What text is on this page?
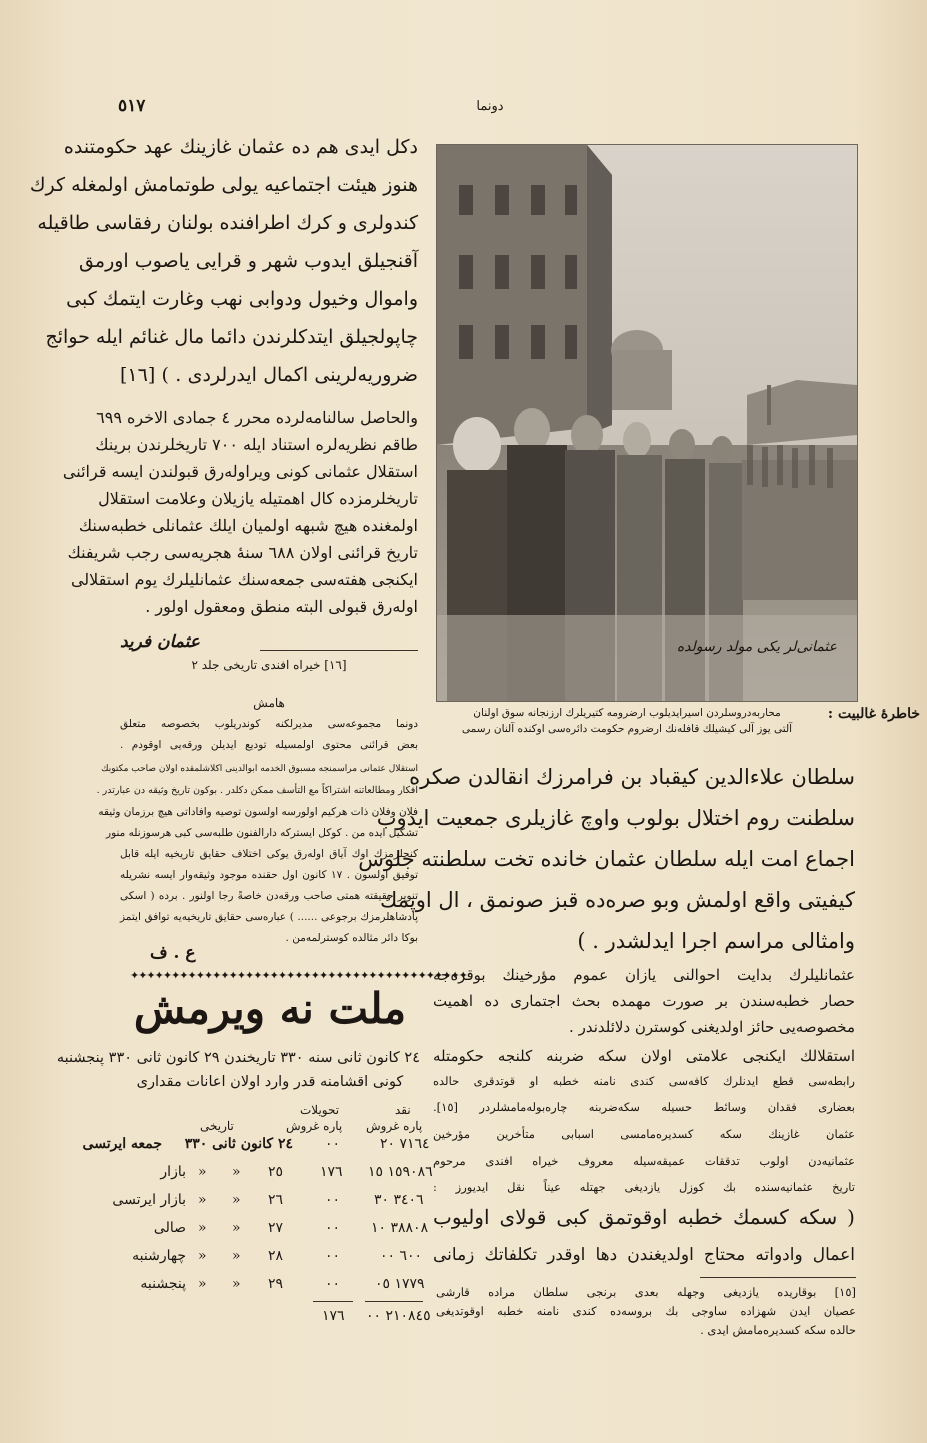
٥١٧	دونما
دکل ایدی هم ده عثمان غازینك عهد حکومتنده
هنوز هیئت اجتماعیه یولی طوتمامش اولمغله کرك
کندولری و کرك اطرافنده بولنان رفقاسی طاقیله
آقنجیلق ایدوب شهر و قرایی یاصوب اورمق
واموال وخیول ودوابی نهب وغارت ایتمك کبی
چاپولجیلق ایتدکلرندن دائما مال غنائم ایله حوائج
ضروریه‌لرینی اکمال ایدرلردی . ) [١٦]
والحاصل سالنامه‌لرده محرر ٤ جمادی الاخره ٦٩٩
طاقم نظریه‌لره استناد ایله ٧٠٠ تاریخلرندن برینك
استقلال عثمانی کونی ویراوله‌رق قبولندن ایسه قرائنی
تاریخلرمزده کال اهمتیله یازیلان وعلامت استقلال
اولمغنده هیچ شبهه اولمیان ایلك عثمانلی خطبه‌سنك
تاریخ قرائنی اولان ٦٨٨ سنهٔ هجریه‌سی رجب شریفنك
ایکنجی هفته‌سی جمعه‌سنك عثمانلیلرك یوم استقلالی
اوله‌رق قبولی البته منطق ومعقول اولور .
عثمان فرید
[١٦] خیراه افندی تاریخی جلد ٢
هامش
دونما مجموعه‌سی مدیرلکنه کوندریلوب بخصوصه متعلق
بعض قرائنی محتوی اولمسیله تودیع ایدیلن ورقه‌یی اوقودم .
استقلال عثمانی مراسمنجه مسبوق الخدمه ابوالدینی اکلاشلمقده اولان صاحب مکتوبك
افکار ومطالعاتنه اشتراکاً مع التأسف ممکن دکلدر . بوکون تاریخ وثیقه دن عبارتدر .
فلان وفلان ذات هرکیم اولورسه اولسون توصیه وافاداتی هیچ برزمان وثیقه
تشکیل ایده من . کوکل ایسترکه دارالفنون طلبه‌سی کبی هرسوزنله منور
کنجلرمزك اوك آیاق اوله‌رق یوکی اختلاف حقایق تاریخیه ایله قابل
توفیق اولسون . ١٧ کانون اول حقنده موجود وثیقه‌وار ایسه نشریله
تنویر حقیقته همتی صاحب ورقه‌دن خاصةً رجا اولنور . برده ( اسکی
پادشاهلرمزك برجوعی ...... ) عباره‌سی حقایق تاریخیه‌یه توافق ایتمز
بوکا دائر مثالده کوسترلمه‌من .
ع . ف
✦✦✦✦✦✦✦✦✦✦✦✦✦✦✦✦✦✦✦✦✦✦✦✦✦✦✦✦✦✦✦✦✦✦✦✦✦✦✦✦✦
ملت نه ویرمش
٢٤ کانون ثانی سنه ٣٣٠ تاریخندن ٢٩ کانون ثانی ٣٣٠ پنجشنبه
کونی اقشامنه قدر وارد اولان اعانات مقداری
نقد
پاره غروش
تحویلات
پاره غروش
تاریخی
٧١٦٤ ٢٠
٠٠
٢٤ کانون ثانی ٣٣٠
جمعه ایرتسی
١٥٩٠٨٦ ١٥
١٧٦
٢٥
»
»
بازار
٣٤٠٦ ٣٠
٠٠
٢٦
»
»
بازار ایرتسی
٣٨٨٠٨ ١٠
٠٠
٢٧
»
»
صالی
٦٠٠ ٠٠
٠٠
٢٨
»
»
چهارشنبه
١٧٧٩ ٠٥
٠٠
٢٩
»
»
پنجشنبه
٢١٠٨٤٥ ٠٠
١٧٦
عثمانی‌لر یکی مولد رسولده
خاطرهٔ غالبیت :
محاربه‌دروسلردن اسیرایدیلوب ارضرومه کتیریلرك ارزنجانه سوق اولنان
آلتی یوز آلی کیشیلك قافله‌نك ارضروم حکومت دائره‌سی اوکنده آلنان رسمی
سلطان علاءالدین کیقباد بن فرامرزك انقالدن صکره
سلطنت روم اختلال بولوب واوچ غازیلری جمعیت ایدوب
اجماع امت ایله سلطان عثمان خانده تخت سلطنته جلوس
کیفیتی واقع اولمش وبو صره‌ده قبز صونمق ، ال اوپمك
وامثالی مراسم اجرا ایدلشدر . )
عثمانلیلرك بدایت احوالنی یازان عموم مؤرخینك بوقره‌جه
حصار خطبه‌سندن بر صورت مهمده بحث اجتماری ده اهمیت
مخصوصه‌یی حائز اولدیغنی کوسترن دلائلدندر .
استقلالك ایکنجی علامتی اولان سکه ضربنه کلنجه حکومتله
رابطه‌سی قطع ایدنلرك کافه‌سی کندی نامنه خطبه او قوتدقری حالده
بعضاری فقدان وسائط حسیله سکه‌ضربنه چاره‌بوله‌مامشلردر [١٥].
عثمان غازینك سکه کسدیره‌مامسی اسبابی متأخرین مؤرخین
عثمانیه‌دن اولوب تدققات عمیقه‌سیله معروف خیراه افندی مرحوم
تاریخ عثمانیه‌سنده بك کوزل یازدیغی جهتله عیناً نقل ایدیورز :
( سکه کسمك خطبه اوقوتمق کبی قولای اولیوب
اعمال وادواته محتاج اولدیغندن دها اوقدر تکلفاتك زمانی
[١٥] بوقاریده یازدیغی وجهله بعدی برنجی سلطان مراده قارشی
عصیان ایدن شهزاده ساوجی بك بروسه‌ده کندی نامنه خطبه اوقوتدیغی
حالده سکه کسدیره‌مامش ایدی .
